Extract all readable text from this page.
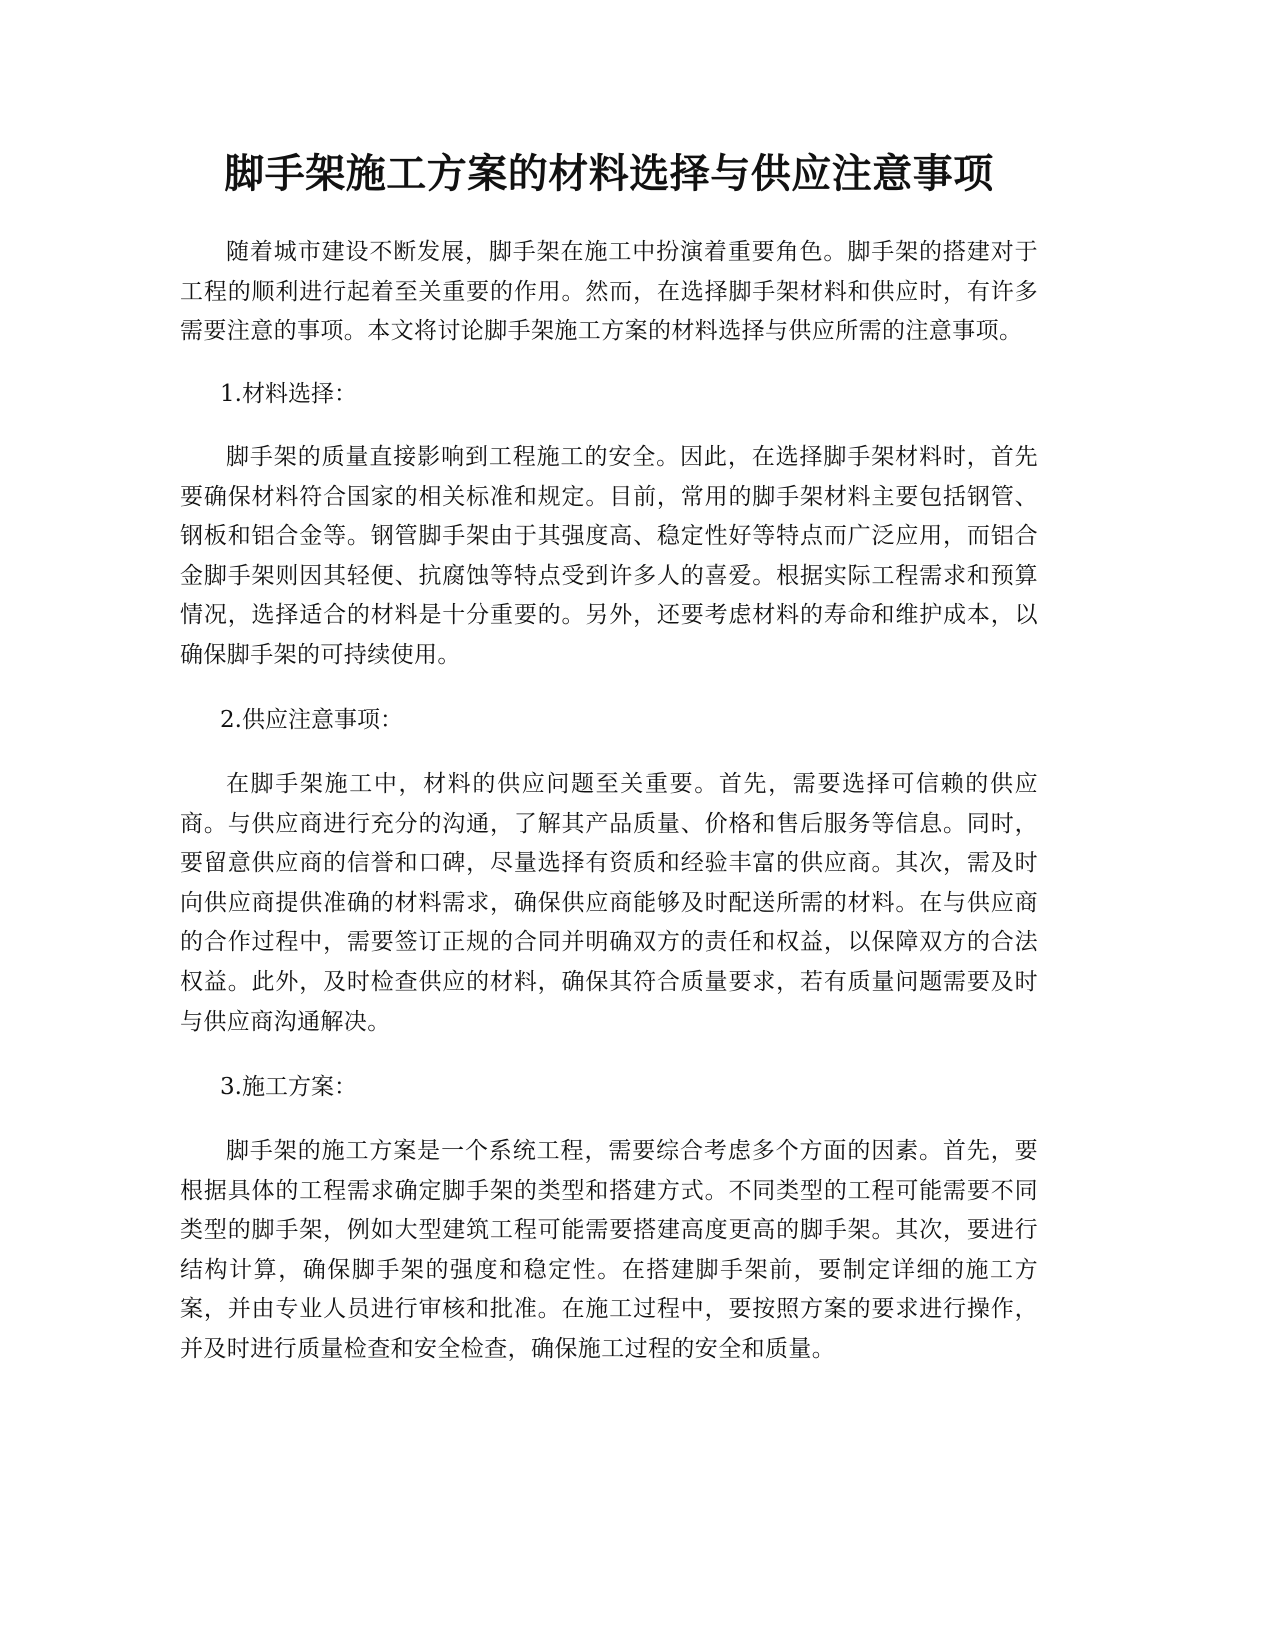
脚手架施工方案的材料选择与供应注意事项

随着城市建设不断发展，脚手架在施工中扮演着重要角色。脚手架的搭建对于工程的顺利进行起着至关重要的作用。然而，在选择脚手架材料和供应时，有许多需要注意的事项。本文将讨论脚手架施工方案的材料选择与供应所需的注意事项。

1.材料选择：

脚手架的质量直接影响到工程施工的安全。因此，在选择脚手架材料时，首先要确保材料符合国家的相关标准和规定。目前，常用的脚手架材料主要包括钢管、钢板和铝合金等。钢管脚手架由于其强度高、稳定性好等特点而广泛应用，而铝合金脚手架则因其轻便、抗腐蚀等特点受到许多人的喜爱。根据实际工程需求和预算情况，选择适合的材料是十分重要的。另外，还要考虑材料的寿命和维护成本，以确保脚手架的可持续使用。

2.供应注意事项：

在脚手架施工中，材料的供应问题至关重要。首先，需要选择可信赖的供应商。与供应商进行充分的沟通，了解其产品质量、价格和售后服务等信息。同时，要留意供应商的信誉和口碑，尽量选择有资质和经验丰富的供应商。其次，需及时向供应商提供准确的材料需求，确保供应商能够及时配送所需的材料。在与供应商的合作过程中，需要签订正规的合同并明确双方的责任和权益，以保障双方的合法权益。此外，及时检查供应的材料，确保其符合质量要求，若有质量问题需要及时与供应商沟通解决。

3.施工方案：

脚手架的施工方案是一个系统工程，需要综合考虑多个方面的因素。首先，要根据具体的工程需求确定脚手架的类型和搭建方式。不同类型的工程可能需要不同类型的脚手架，例如大型建筑工程可能需要搭建高度更高的脚手架。其次，要进行结构计算，确保脚手架的强度和稳定性。在搭建脚手架前，要制定详细的施工方案，并由专业人员进行审核和批准。在施工过程中，要按照方案的要求进行操作，并及时进行质量检查和安全检查，确保施工过程的安全和质量。
